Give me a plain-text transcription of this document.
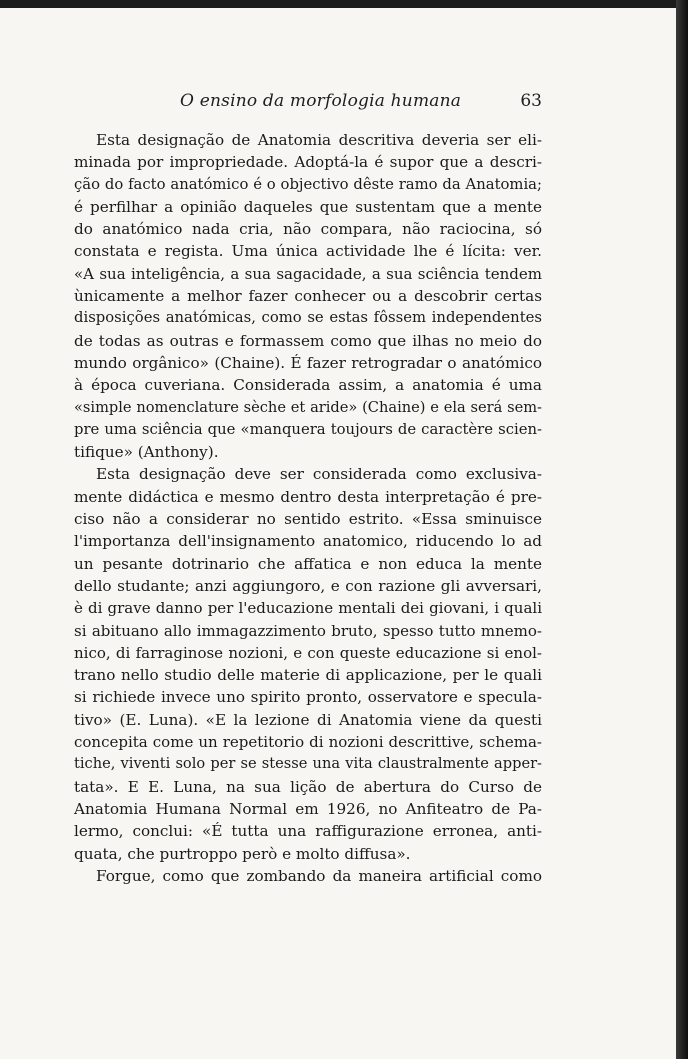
O ensino da morfologia humana	63
Esta designação de Anatomia descritiva deveria ser eli-
minada por impropriedade. Adoptá-la é supor que a descri-
ção do facto anatómico é o objectivo dêste ramo da Anatomia;
é perfilhar a opinião daqueles que sustentam que a mente
do anatómico nada cria, não compara, não raciocina, só
constata e regista. Uma única actividade lhe é lícita: ver.
«A sua inteligência, a sua sagacidade, a sua sciência tendem
ùnicamente a melhor fazer conhecer ou a descobrir certas
disposições anatómicas, como se estas fôssem independentes
de todas as outras e formassem como que ilhas no meio do
mundo orgânico» (Chaine). É fazer retrogradar o anatómico
à época cuveriana. Considerada assim, a anatomia é uma
«simple nomenclature sèche et aride» (Chaine) e ela será sem-
pre uma sciência que «manquera toujours de caractère scien-
tifique» (Anthony).
Esta designação deve ser considerada como exclusiva-
mente didáctica e mesmo dentro desta interpretação é pre-
ciso não a considerar no sentido estrito. «Essa sminuisce
l'importanza dell'insignamento anatomico, riducendo lo ad
un pesante dotrinario che affatica e non educa la mente
dello studante; anzi aggiungoro, e con razione gli avversari,
è di grave danno per l'educazione mentali dei giovani, i quali
si abituano allo immagazzimento bruto, spesso tutto mnemo-
nico, di farraginose nozioni, e con queste educazione si enol-
trano nello studio delle materie di applicazione, per le quali
si richiede invece uno spirito pronto, osservatore e specula-
tivo» (E. Luna). «E la lezione di Anatomia viene da questi
concepita come un repetitorio di nozioni descrittive, schema-
tiche, viventi solo per se stesse una vita claustralmente apper-
tata». E E. Luna, na sua lição de abertura do Curso de
Anatomia Humana Normal em 1926, no Anfiteatro de Pa-
lermo, conclui: «É tutta una raffigurazione erronea, anti-
quata, che purtroppo però e molto diffusa».
Forgue, como que zombando da maneira artificial como
